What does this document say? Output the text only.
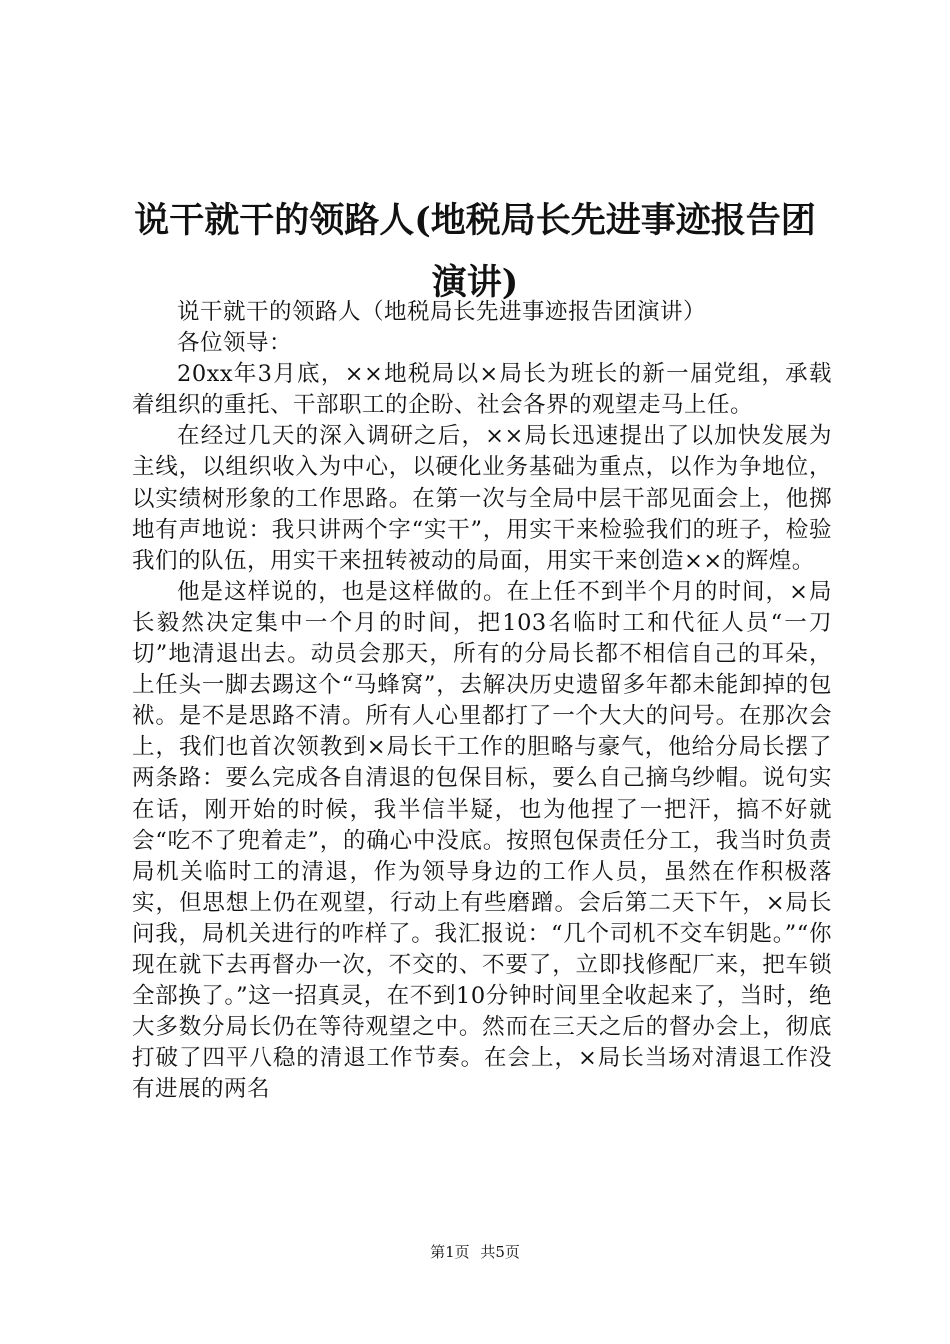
说干就干的领路人(地税局长先进事迹报告团演讲)

说干就干的领路人（地税局长先进事迹报告团演讲）

各位领导：

20xx年3月底，××地税局以×局长为班长的新一届党组，承载着组织的重托、干部职工的企盼、社会各界的观望走马上任。

在经过几天的深入调研之后，××局长迅速提出了以加快发展为主线，以组织收入为中心，以硬化业务基础为重点，以作为争地位，以实绩树形象的工作思路。在第一次与全局中层干部见面会上，他掷地有声地说：我只讲两个字“实干”，用实干来检验我们的班子，检验我们的队伍，用实干来扭转被动的局面，用实干来创造××的辉煌。

他是这样说的，也是这样做的。在上任不到半个月的时间，×局长毅然决定集中一个月的时间，把103名临时工和代征人员“一刀切”地清退出去。动员会那天，所有的分局长都不相信自己的耳朵，上任头一脚去踢这个“马蜂窝”，去解决历史遗留多年都未能卸掉的包袱。是不是思路不清。所有人心里都打了一个大大的问号。在那次会上，我们也首次领教到×局长干工作的胆略与豪气，他给分局长摆了两条路：要么完成各自清退的包保目标，要么自己摘乌纱帽。说句实在话，刚开始的时候，我半信半疑，也为他捏了一把汗，搞不好就会“吃不了兜着走”，的确心中没底。按照包保责任分工，我当时负责局机关临时工的清退，作为领导身边的工作人员，虽然在作积极落实，但思想上仍在观望，行动上有些磨蹭。会后第二天下午，×局长问我，局机关进行的咋样了。我汇报说：“几个司机不交车钥匙。”“你现在就下去再督办一次，不交的、不要了，立即找修配厂来，把车锁全部换了。”这一招真灵，在不到10分钟时间里全收起来了，当时，绝大多数分局长仍在等待观望之中。然而在三天之后的督办会上，彻底打破了四平八稳的清退工作节奏。在会上，×局长当场对清退工作没有进展的两名

第1页 共5页
